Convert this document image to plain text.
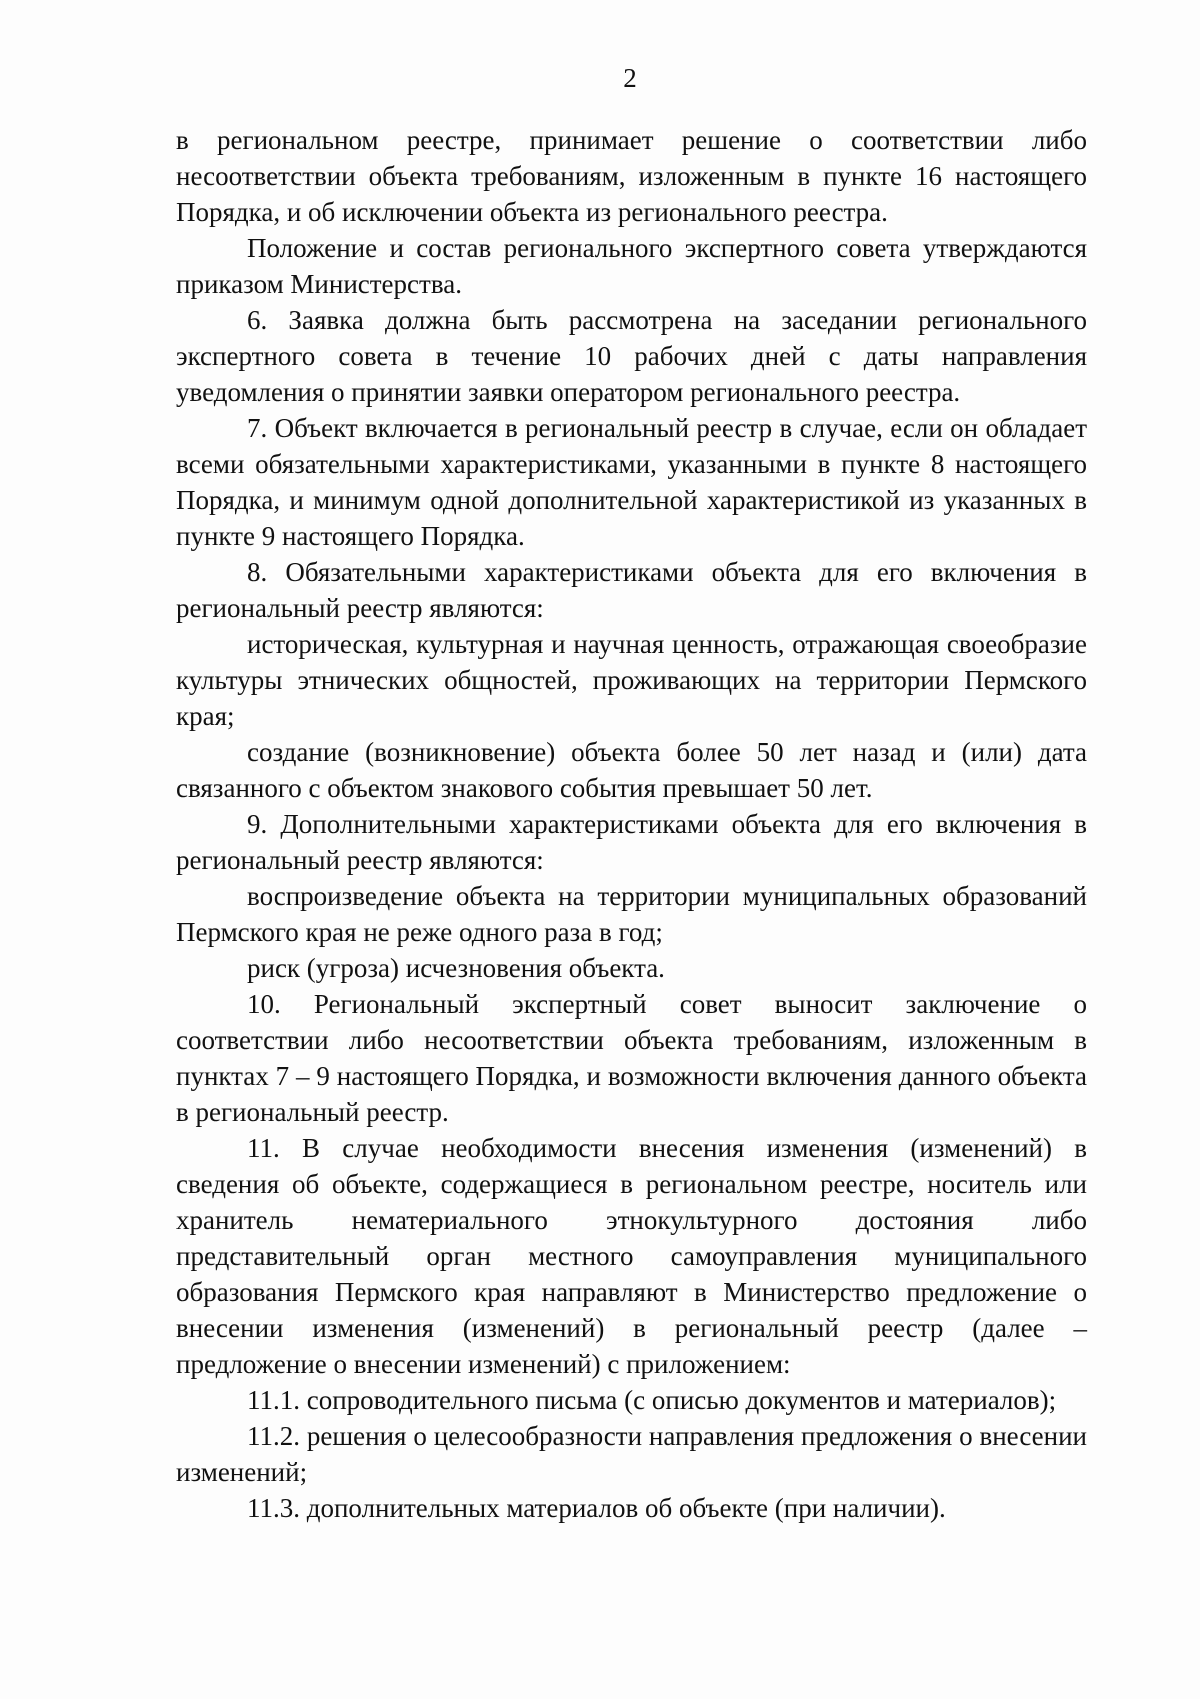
2

в региональном реестре, принимает решение о соответствии либо несоответствии объекта требованиям, изложенным в пункте 16 настоящего Порядка, и об исключении объекта из регионального реестра.

Положение и состав регионального экспертного совета утверждаются приказом Министерства.

6. Заявка должна быть рассмотрена на заседании регионального экспертного совета в течение 10 рабочих дней с даты направления уведомления о принятии заявки оператором регионального реестра.

7. Объект включается в региональный реестр в случае, если он обладает всеми обязательными характеристиками, указанными в пункте 8 настоящего Порядка, и минимум одной дополнительной характеристикой из указанных в пункте 9 настоящего Порядка.

8. Обязательными характеристиками объекта для его включения в региональный реестр являются:

историческая, культурная и научная ценность, отражающая своеобразие культуры этнических общностей, проживающих на территории Пермского края;

создание (возникновение) объекта более 50 лет назад и (или) дата связанного с объектом знакового события превышает 50 лет.

9. Дополнительными характеристиками объекта для его включения в региональный реестр являются:

воспроизведение объекта на территории муниципальных образований Пермского края не реже одного раза в год;

риск (угроза) исчезновения объекта.

10. Региональный экспертный совет выносит заключение о соответствии либо несоответствии объекта требованиям, изложенным в пунктах 7 – 9 настоящего Порядка, и возможности включения данного объекта в региональный реестр.

11. В случае необходимости внесения изменения (изменений) в сведения об объекте, содержащиеся в региональном реестре, носитель или хранитель нематериального этнокультурного достояния либо представительный орган местного самоуправления муниципального образования Пермского края направляют в Министерство предложение о внесении изменения (изменений) в региональный реестр (далее – предложение о внесении изменений) с приложением:

11.1. сопроводительного письма (с описью документов и материалов);

11.2. решения о целесообразности направления предложения о внесении изменений;

11.3. дополнительных материалов об объекте (при наличии).
